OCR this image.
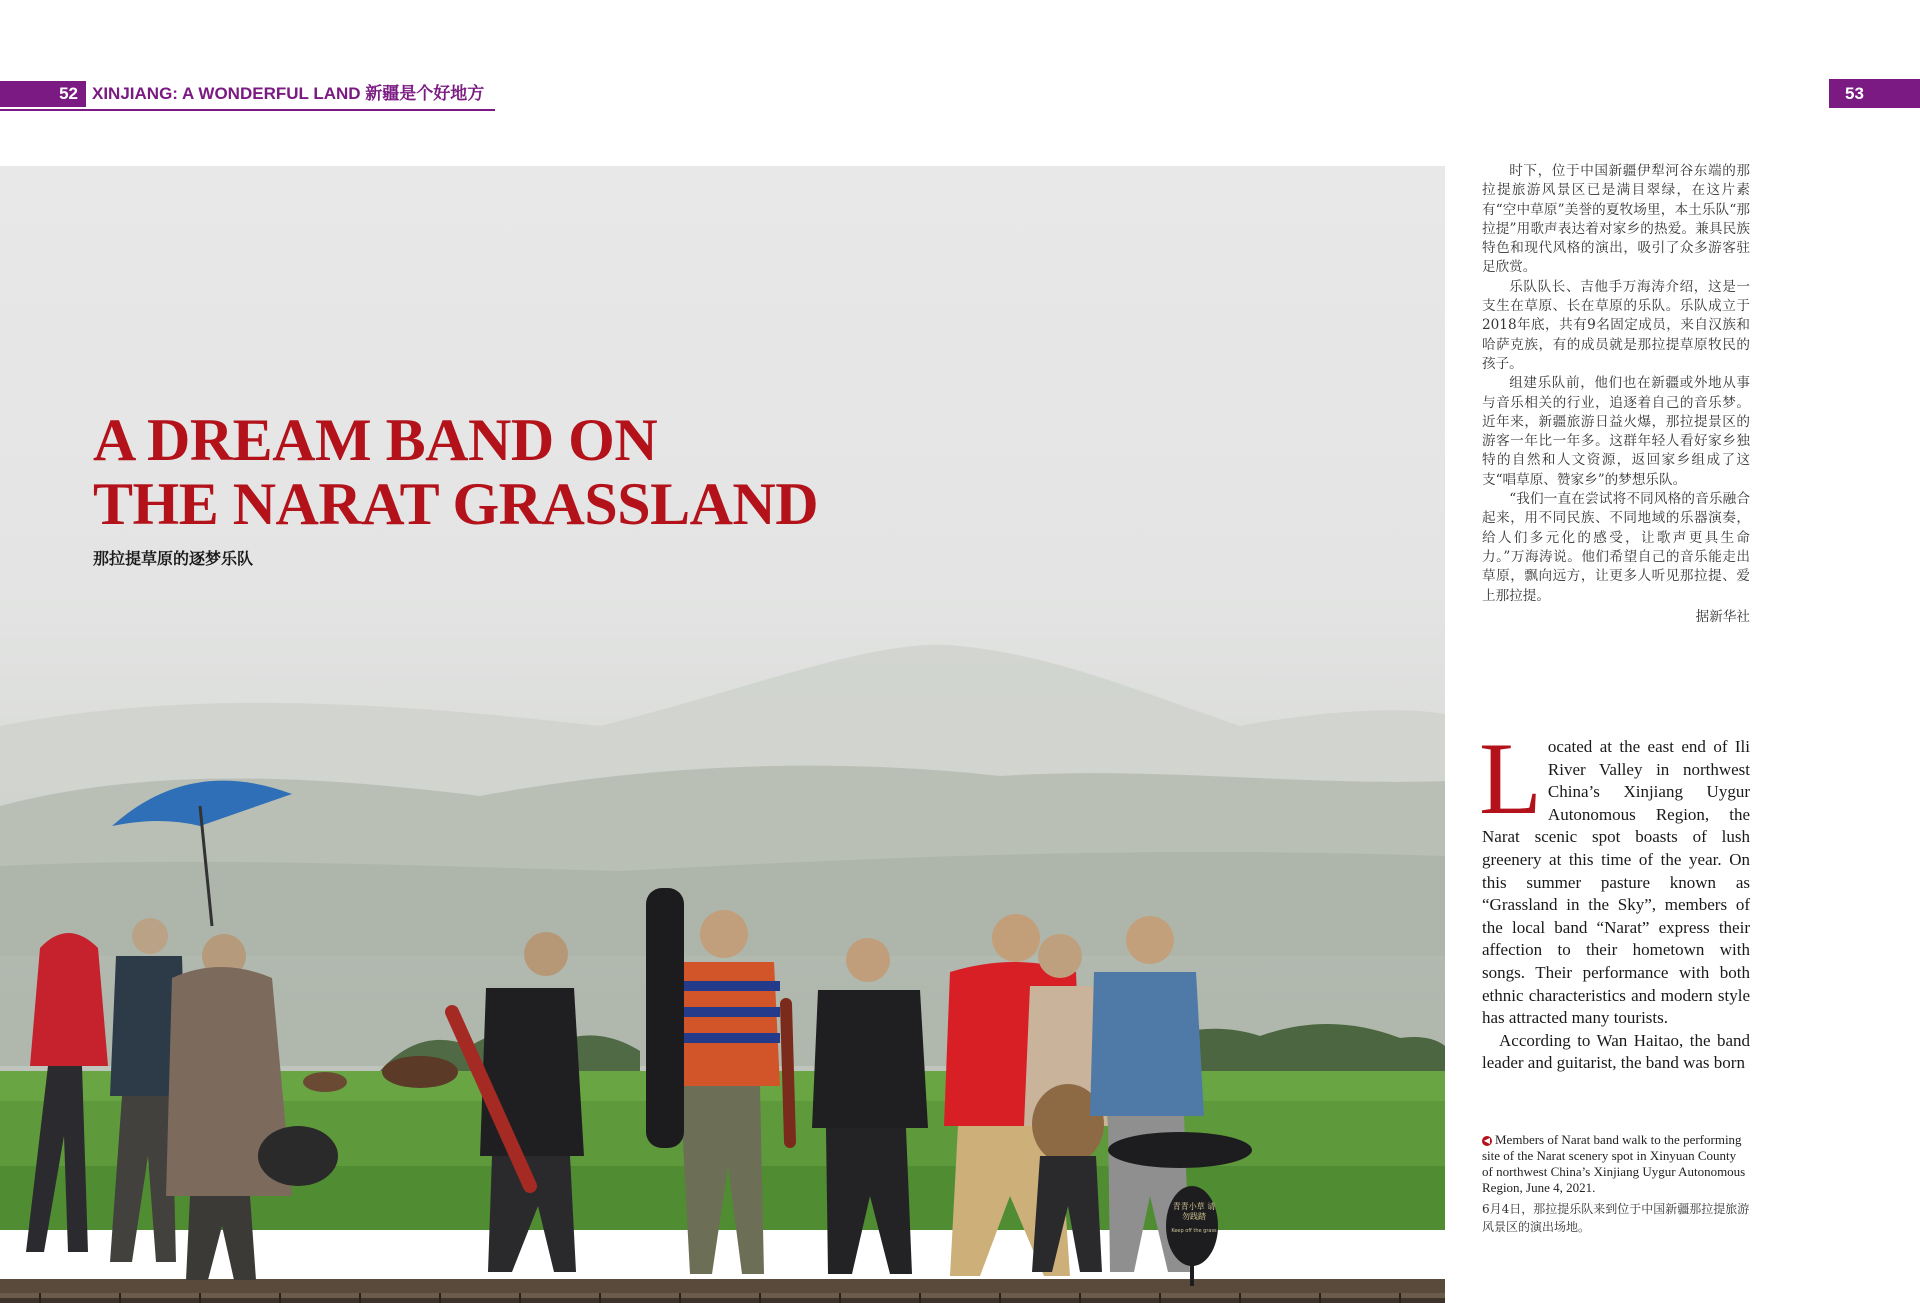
52 XINJIANG: A WONDERFUL LAND 新疆是个好地方	53
青青小草 请勿践踏
Keep off the grass
A DREAM BAND ON
THE NARAT GRASSLAND
那拉提草原的逐梦乐队

时下，位于中国新疆伊犁河谷东端的那拉提旅游风景区已是满目翠绿，在这片素有“空中草原”美誉的夏牧场里，本土乐队“那拉提”用歌声表达着对家乡的热爱。兼具民族特色和现代风格的演出，吸引了众多游客驻足欣赏。

乐队队长、吉他手万海涛介绍，这是一支生在草原、长在草原的乐队。乐队成立于2018年底，共有9名固定成员，来自汉族和哈萨克族，有的成员就是那拉提草原牧民的孩子。

组建乐队前，他们也在新疆或外地从事与音乐相关的行业，追逐着自己的音乐梦。近年来，新疆旅游日益火爆，那拉提景区的游客一年比一年多。这群年轻人看好家乡独特的自然和人文资源，返回家乡组成了这支“唱草原、赞家乡”的梦想乐队。

“我们一直在尝试将不同风格的音乐融合起来，用不同民族、不同地域的乐器演奏，给人们多元化的感受，让歌声更具生命力。”万海涛说。他们希望自己的音乐能走出草原，飘向远方，让更多人听见那拉提、爱上那拉提。

据新华社

Located at the east end of Ili River Valley in northwest China’s Xinjiang Uygur Autonomous Region, the Narat scenic spot boasts of lush greenery at this time of the year. On this summer pasture known as “Grassland in the Sky”, members of the local band “Narat” express their affection to their hometown with songs. Their performance with both ethnic characteristics and modern style has attracted many tourists.

According to Wan Haitao, the band leader and guitarist, the band was born

◀ Members of Narat band walk to the performing site of the Narat scenery spot in Xinyuan County of northwest China’s Xinjiang Uygur Autonomous Region, June 4, 2021.

6月4日，那拉提乐队来到位于中国新疆那拉提旅游风景区的演出场地。
